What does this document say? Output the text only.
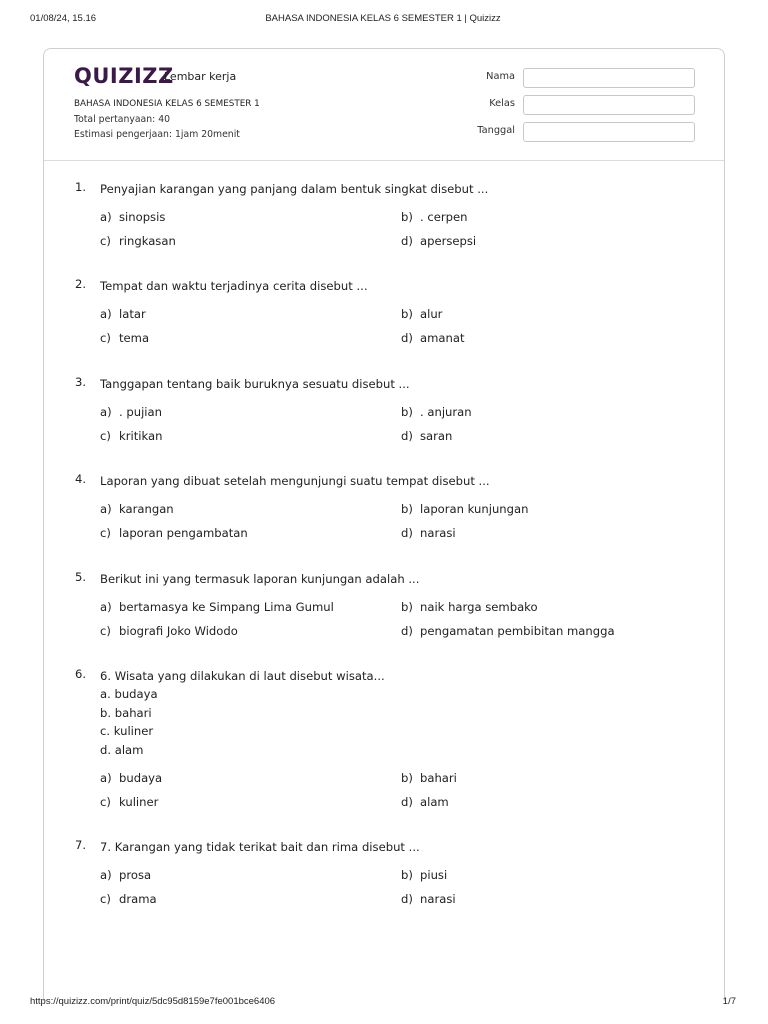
01/08/24, 15.16	BAHASA INDONESIA KELAS 6 SEMESTER 1 | Quizizz
QUIZIZZ
Lembar kerja
BAHASA INDONESIA KELAS 6 SEMESTER 1
Total pertanyaan: 40
Estimasi pengerjaan: 1jam 20menit
Nama
Kelas
Tanggal
1. Penyajian karangan yang panjang dalam bentuk singkat disebut ...
a) sinopsis	b) . cerpen
c) ringkasan	d) apersepsi
2. Tempat dan waktu terjadinya cerita disebut ...
a) latar	b) alur
c) tema	d) amanat
3. Tanggapan tentang baik buruknya sesuatu disebut ...
a) . pujian	b) . anjuran
c) kritikan	d) saran
4. Laporan yang dibuat setelah mengunjungi suatu tempat disebut ...
a) karangan	b) laporan kunjungan
c) laporan pengambatan	d) narasi
5. Berikut ini yang termasuk laporan kunjungan adalah ...
a) bertamasya ke Simpang Lima Gumul	b) naik harga sembako
c) biografi Joko Widodo	d) pengamatan pembibitan mangga
6. 6. Wisata yang dilakukan di laut disebut wisata...
a. budaya
b. bahari
c. kuliner
d. alam
a) budaya	b) bahari
c) kuliner	d) alam
7. 7. Karangan yang tidak terikat bait dan rima disebut ...
a) prosa	b) piusi
c) drama	d) narasi
https://quizizz.com/print/quiz/5dc95d8159e7fe001bce6406	1/7
